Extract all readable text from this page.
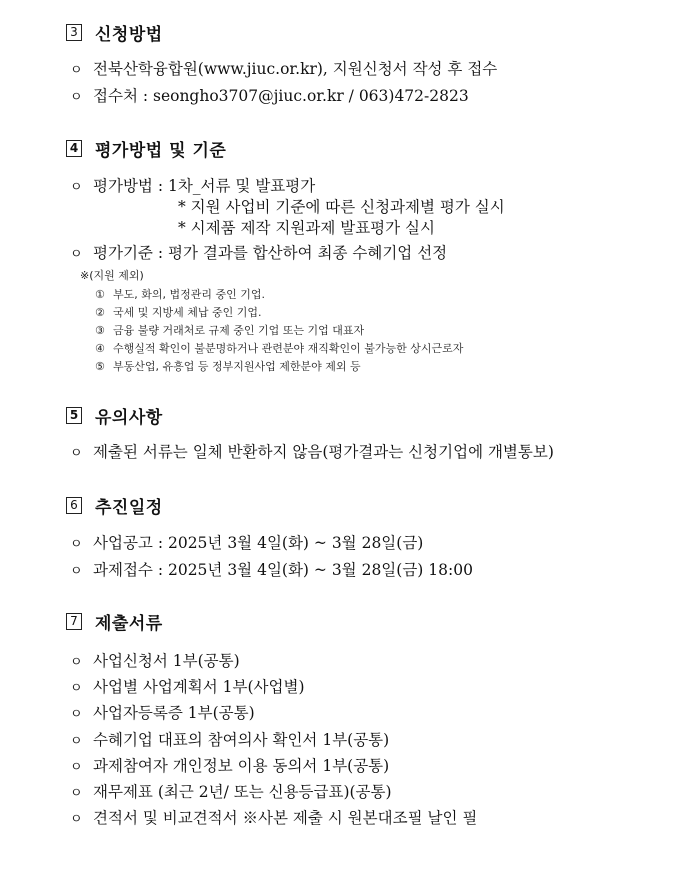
3 신청방법
ㅇ 전북산학융합원(www.jiuc.or.kr), 지원신청서 작성 후 접수
ㅇ 접수처 : seongho3707@jiuc.or.kr / 063)472-2823
4 평가방법 및 기준
ㅇ 평가방법 : 1차_서류 및 발표평가
* 지원 사업비 기준에 따른 신청과제별 평가 실시
* 시제품 제작 지원과제 발표평가 실시
ㅇ 평가기준 : 평가 결과를 합산하여 최종 수혜기업 선정
※(지원 제외)
① 부도, 화의, 법정관리 중인 기업.
② 국세 및 지방세 체납 중인 기업.
③ 금융 불량 거래처로 규제 중인 기업 또는 기업 대표자
④ 수행실적 확인이 불분명하거나 관련분야 재직확인이 불가능한 상시근로자
⑤ 부동산업, 유흥업 등 정부지원사업 제한분야 제외 등
5 유의사항
ㅇ 제출된 서류는 일체 반환하지 않음(평가결과는 신청기업에 개별통보)
6 추진일정
ㅇ 사업공고 : 2025년 3월 4일(화) ~ 3월 28일(금)
ㅇ 과제접수 : 2025년 3월 4일(화) ~ 3월 28일(금) 18:00
7 제출서류
ㅇ 사업신청서 1부(공통)
ㅇ 사업별 사업계획서 1부(사업별)
ㅇ 사업자등록증 1부(공통)
ㅇ 수혜기업 대표의 참여의사 확인서 1부(공통)
ㅇ 과제참여자 개인정보 이용 동의서 1부(공통)
ㅇ 재무제표 (최근 2년/ 또는 신용등급표)(공통)
ㅇ 견적서 및 비교견적서 ※사본 제출 시 원본대조필 날인 필
